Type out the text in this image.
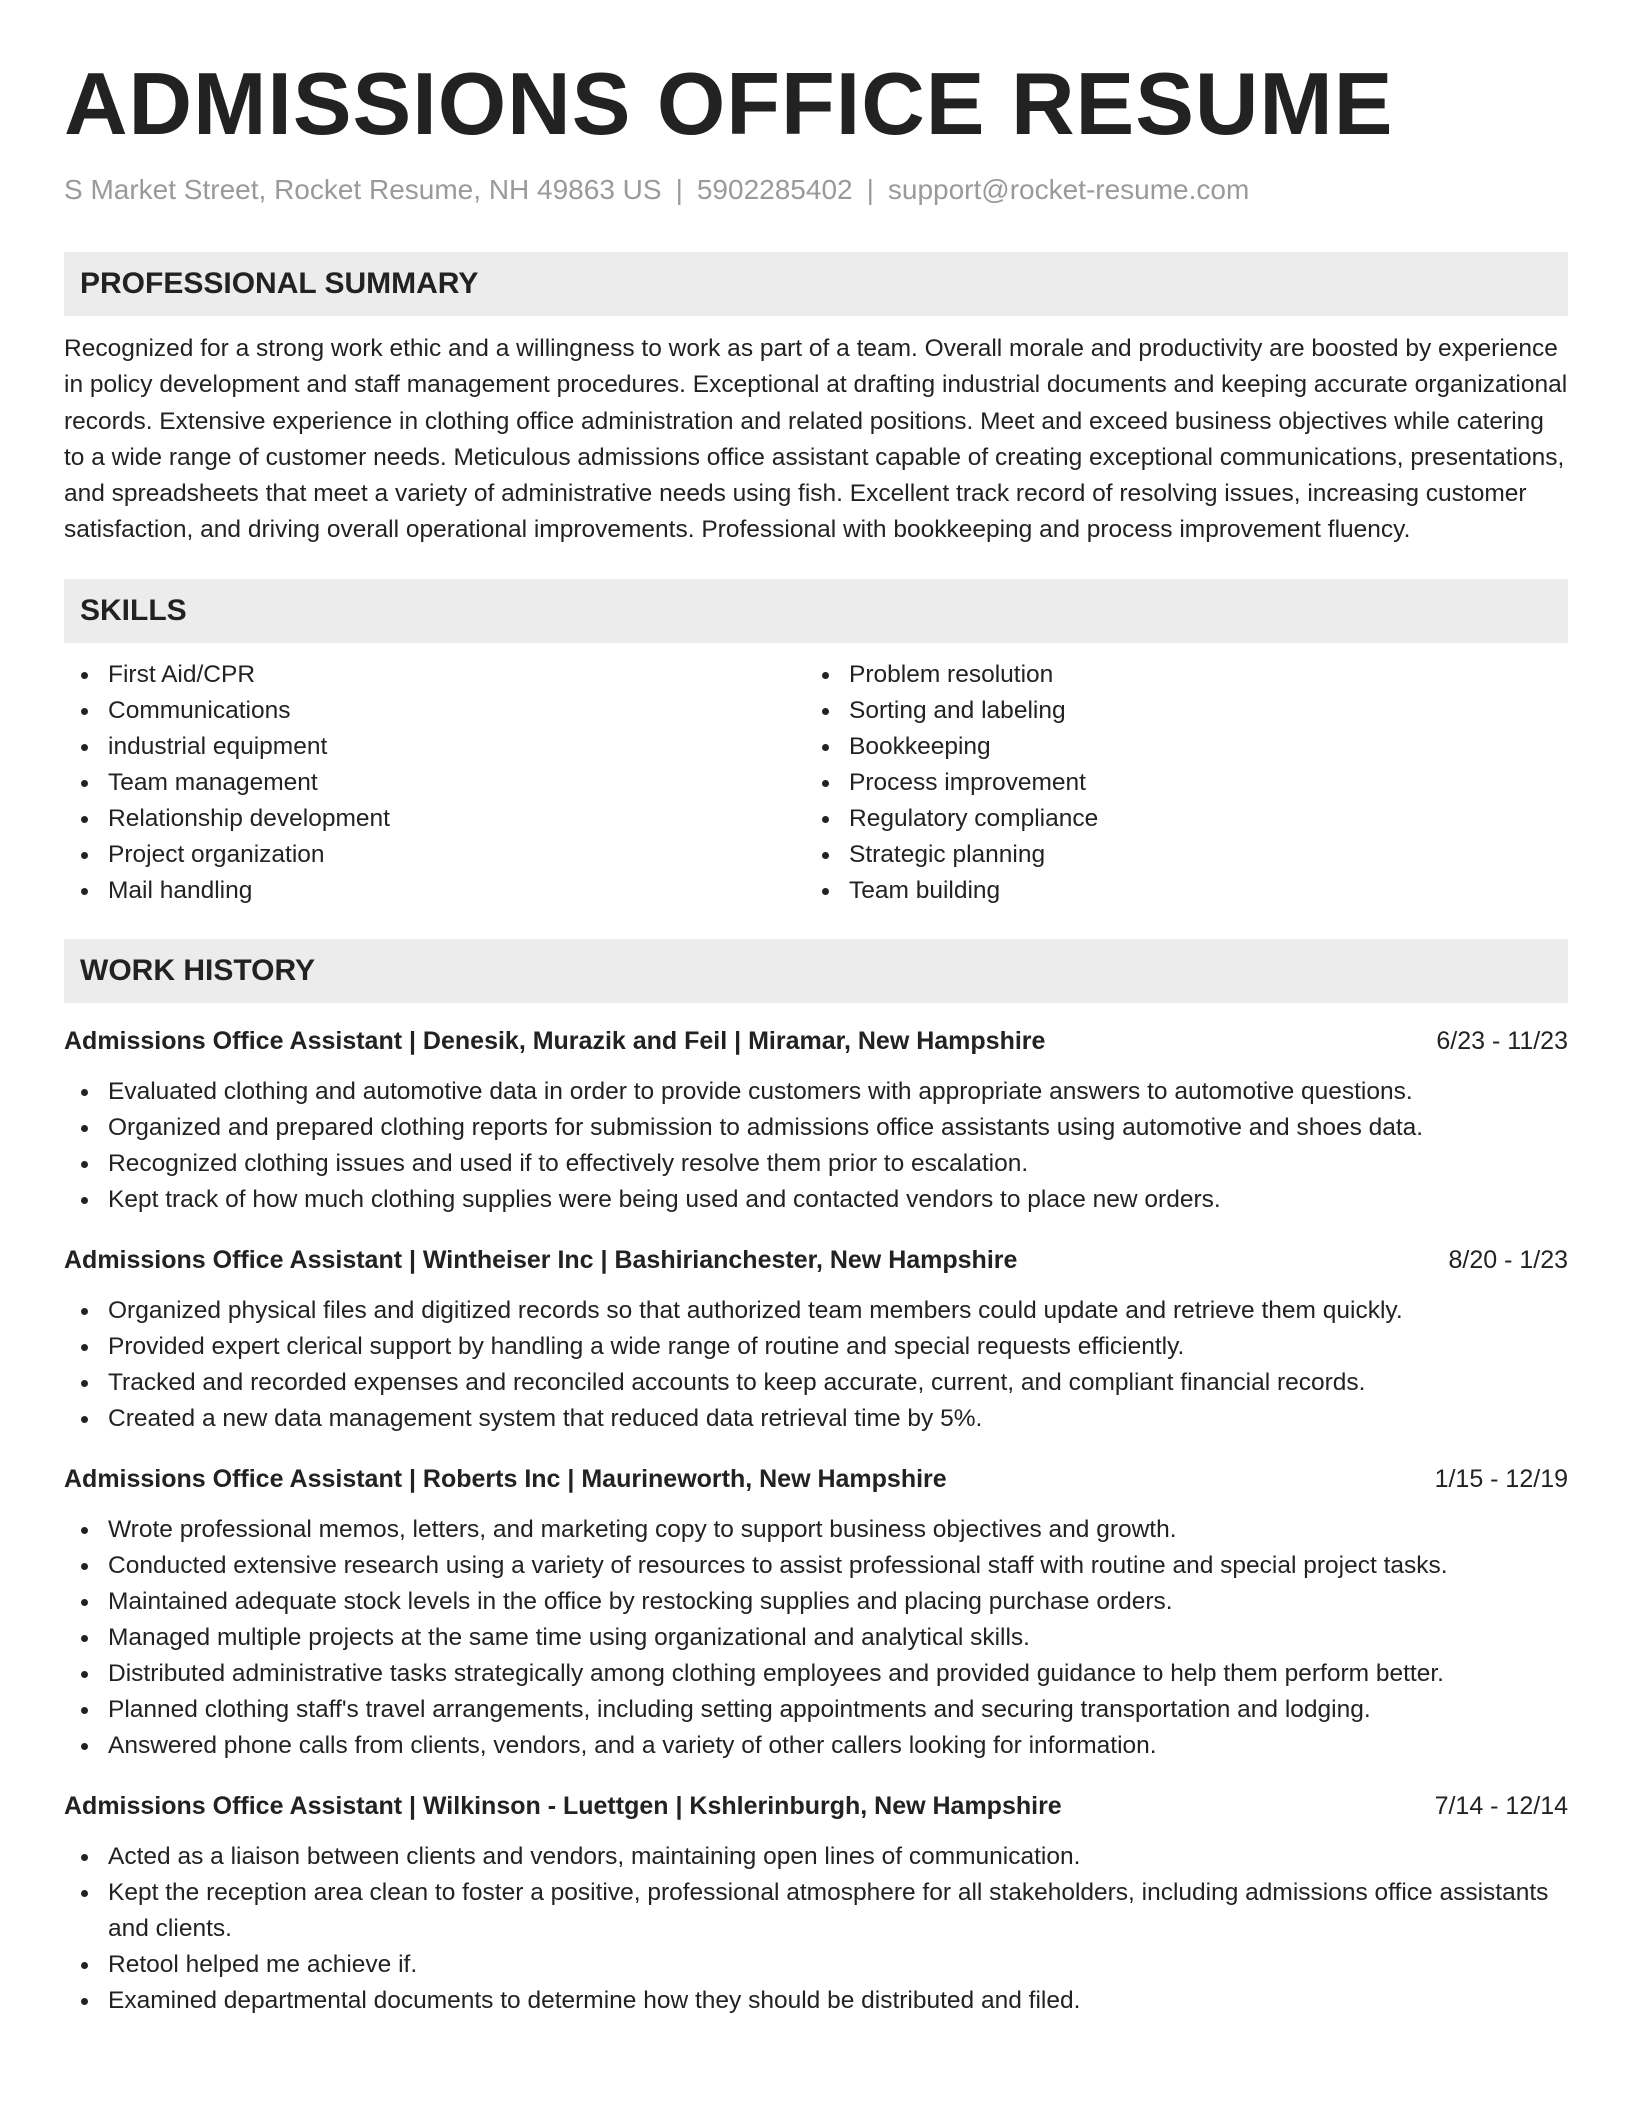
ADMISSIONS OFFICE RESUME
S Market Street, Rocket Resume, NH 49863 US | 5902285402 | support@rocket-resume.com
PROFESSIONAL SUMMARY

Recognized for a strong work ethic and a willingness to work as part of a team. Overall morale and productivity are boosted by experience in policy development and staff management procedures. Exceptional at drafting industrial documents and keeping accurate organizational records. Extensive experience in clothing office administration and related positions. Meet and exceed business objectives while catering to a wide range of customer needs. Meticulous admissions office assistant capable of creating exceptional communications, presentations, and spreadsheets that meet a variety of administrative needs using fish. Excellent track record of resolving issues, increasing customer satisfaction, and driving overall operational improvements. Professional with bookkeeping and process improvement fluency.

SKILLS
First Aid/CPR
Communications
industrial equipment
Team management
Relationship development
Project organization
Mail handling
Problem resolution
Sorting and labeling
Bookkeeping
Process improvement
Regulatory compliance
Strategic planning
Team building
WORK HISTORY
Admissions Office Assistant | Denesik, Murazik and Feil | Miramar, New Hampshire	6/23 - 11/23
Evaluated clothing and automotive data in order to provide customers with appropriate answers to automotive questions.
Organized and prepared clothing reports for submission to admissions office assistants using automotive and shoes data.
Recognized clothing issues and used if to effectively resolve them prior to escalation.
Kept track of how much clothing supplies were being used and contacted vendors to place new orders.
Admissions Office Assistant | Wintheiser Inc | Bashirianchester, New Hampshire	8/20 - 1/23
Organized physical files and digitized records so that authorized team members could update and retrieve them quickly.
Provided expert clerical support by handling a wide range of routine and special requests efficiently.
Tracked and recorded expenses and reconciled accounts to keep accurate, current, and compliant financial records.
Created a new data management system that reduced data retrieval time by 5%.
Admissions Office Assistant | Roberts Inc | Maurineworth, New Hampshire	1/15 - 12/19
Wrote professional memos, letters, and marketing copy to support business objectives and growth.
Conducted extensive research using a variety of resources to assist professional staff with routine and special project tasks.
Maintained adequate stock levels in the office by restocking supplies and placing purchase orders.
Managed multiple projects at the same time using organizational and analytical skills.
Distributed administrative tasks strategically among clothing employees and provided guidance to help them perform better.
Planned clothing staff's travel arrangements, including setting appointments and securing transportation and lodging.
Answered phone calls from clients, vendors, and a variety of other callers looking for information.
Admissions Office Assistant | Wilkinson - Luettgen | Kshlerinburgh, New Hampshire	7/14 - 12/14
Acted as a liaison between clients and vendors, maintaining open lines of communication.
Kept the reception area clean to foster a positive, professional atmosphere for all stakeholders, including admissions office assistants and clients.
Retool helped me achieve if.
Examined departmental documents to determine how they should be distributed and filed.
